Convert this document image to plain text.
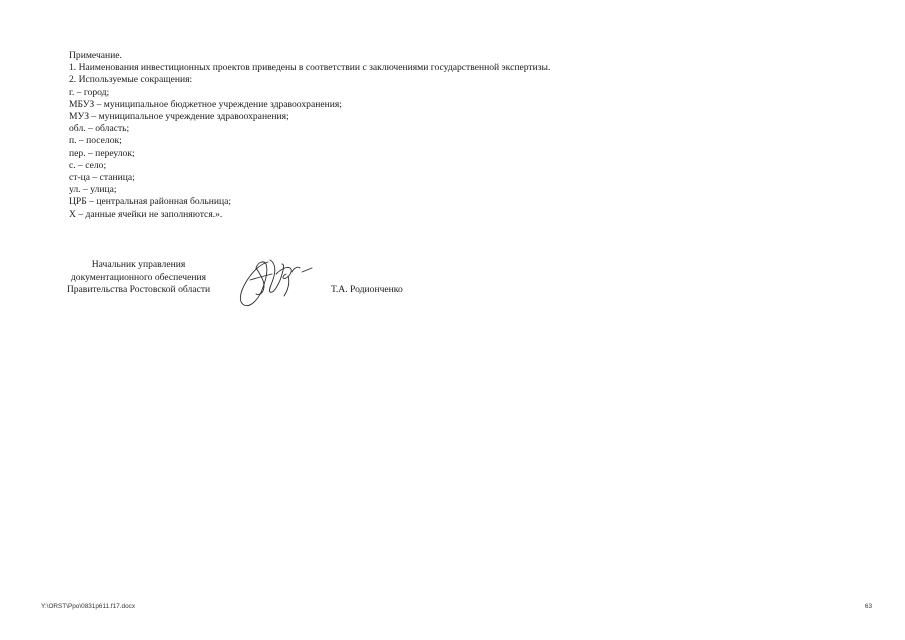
Примечание.
1. Наименования инвестиционных проектов приведены в соответствии с заключениями государственной экспертизы.
2. Используемые сокращения:
г. – город;
МБУЗ – муниципальное бюджетное учреждение здравоохранения;
МУЗ – муниципальное учреждение здравоохранения;
обл. – область;
п. – поселок;
пер. – переулок;
с. – село;
ст-ца – станица;
ул. – улица;
ЦРБ – центральная районная больница;
Х – данные ячейки не заполняются.».
Начальник управления
документационного обеспечения
Правительства Ростовской области	Т.А. Родионченко
Y:\ORST\Ppo\0831p611.f17.docx	63
